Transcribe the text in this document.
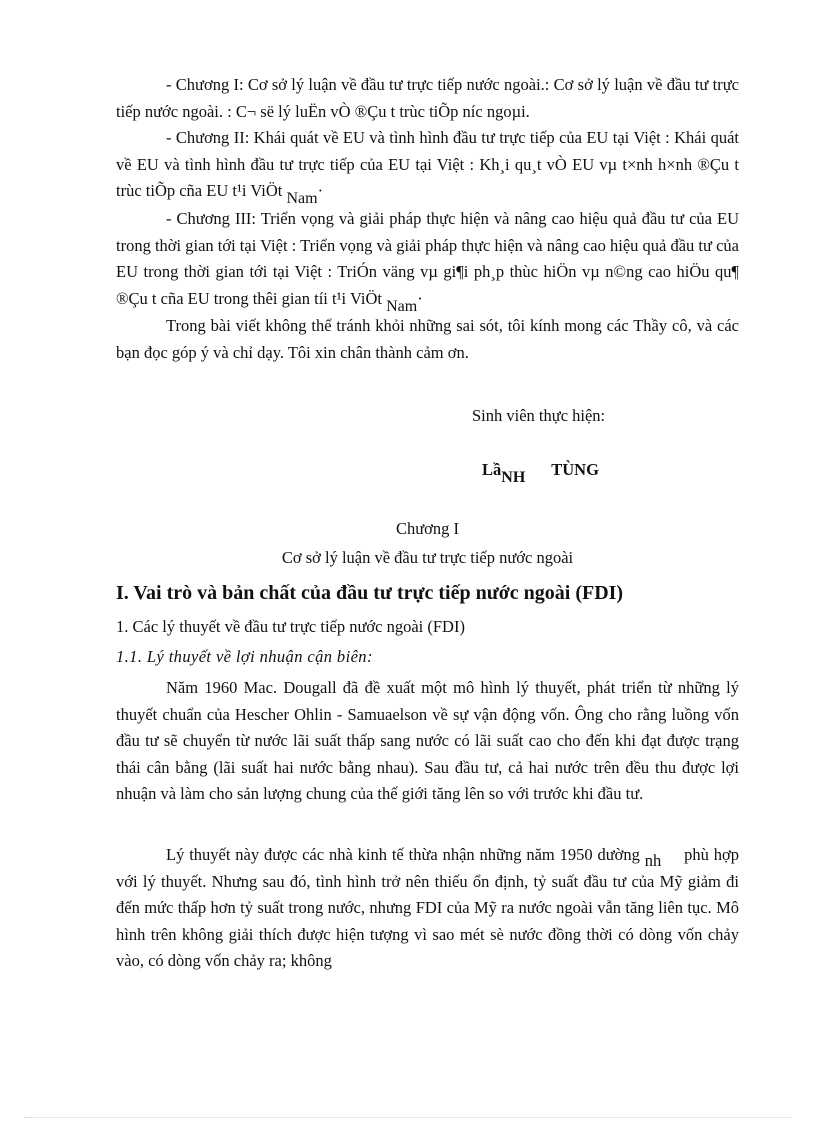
- Chương I: Cơ sở lý luận về đầu tư trực tiếp nước ngoài.: Cơ sở lý luận về đầu tư trực tiếp nước ngoài. : C¬ së lý luËn vÒ ®Çu t trùc tiÕp níc ngoµi.

- Chương II: Khái quát về EU và tình hình đầu tư trực tiếp của EU tại Việt : Khái quát về EU và tình hình đầu tư trực tiếp của EU tại Việt : Kh¸i qu¸t vÒ EU vµ t×nh h×nh ®Çu t trùc tiÕp cña EU t¹i ViÖt Nam·

- Chương III: Triển vọng và giải pháp thực hiện và nâng cao hiệu quả đầu tư của EU trong thời gian tới tại Việt : Triển vọng và giải pháp thực hiện và nâng cao hiệu quả đầu tư của EU trong thời gian tới tại Việt : TriÓn väng vµ gi¶i ph¸p thùc hiÖn vµ n©ng cao hiÖu qu¶ ®Çu t cña EU trong thêi gian tíi t¹i ViÖt Nam·

Trong bài viết không thể tránh khỏi những sai sót, tôi kính mong các Thầy cô, và các bạn đọc góp ý và chỉ dạy. Tôi xin chân thành cảm ơn.

Sinh viên thực hiện:
LầNH TÙNG
Chương I
Cơ sở lý luận về đầu tư trực tiếp nước ngoài
I. Vai trò và bản chất của đầu tư trực tiếp nước ngoài (FDI)
1. Các lý thuyết về đầu tư trực tiếp nước ngoài (FDI)
1.1. Lý thuyết về lợi nhuận cận biên:

Năm 1960 Mac. Dougall đã đề xuất một mô hình lý thuyết, phát triển từ những lý thuyết chuẩn của Hescher Ohlin - Samuaelson về sự vận động vốn. Ông cho rằng luồng vốn đầu tư sẽ chuyển từ nước lãi suất thấp sang nước có lãi suất cao cho đến khi đạt được trạng thái cân bằng (lãi suất hai nước bằng nhau). Sau đầu tư, cả hai nước trên đều thu được lợi nhuận và làm cho sản lượng chung của thế giới tăng lên so với trước khi đầu tư.

Lý thuyết này được các nhà kinh tế thừa nhận những năm 1950 dường nh phù hợp với lý thuyết. Nhưng sau đó, tình hình trở nên thiếu ổn định, tỷ suất đầu tư của Mỹ giảm đi đến mức thấp hơn tỷ suất trong nước, nhưng FDI của Mỹ ra nước ngoài vẫn tăng liên tục. Mô hình trên không giải thích được hiện tượng vì sao mét sè nước đồng thời có dòng vốn chảy vào, có dòng vốn chảy ra; không
